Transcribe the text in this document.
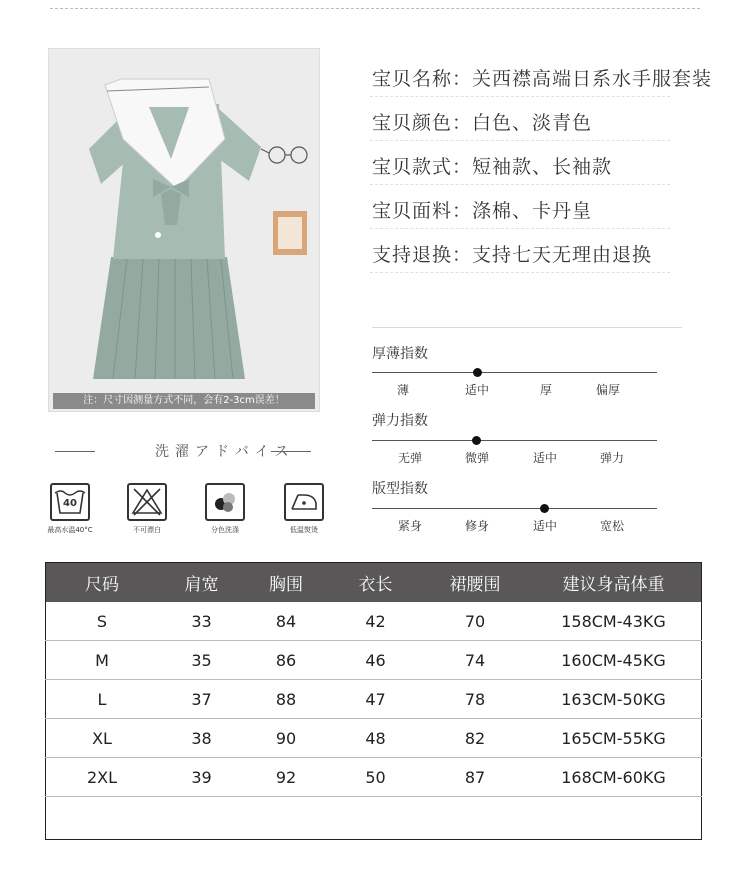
注：尺寸因测量方式不同，会有2-3cm误差！
宝贝名称：关西襟高端日系水手服套装
宝贝颜色：白色、淡青色
宝贝款式：短袖款、长袖款
宝贝面料：涤棉、卡丹皇
支持退换：支持七天无理由退换
厚薄指数
薄	适中	厚	偏厚
弹力指数
无弹	微弹	适中	弹力
版型指数
紧身	修身	适中	宽松
洗濯アドバイス
40
最高水温40°C	不可漂白	分色洗涤	低温熨烫
尺码	肩宽	胸围	衣长	裙腰围	建议身高体重
S	33	84	42	70	158CM-43KG
M	35	86	46	74	160CM-45KG
L	37	88	47	78	163CM-50KG
XL	38	90	48	82	165CM-55KG
2XL	39	92	50	87	168CM-60KG
